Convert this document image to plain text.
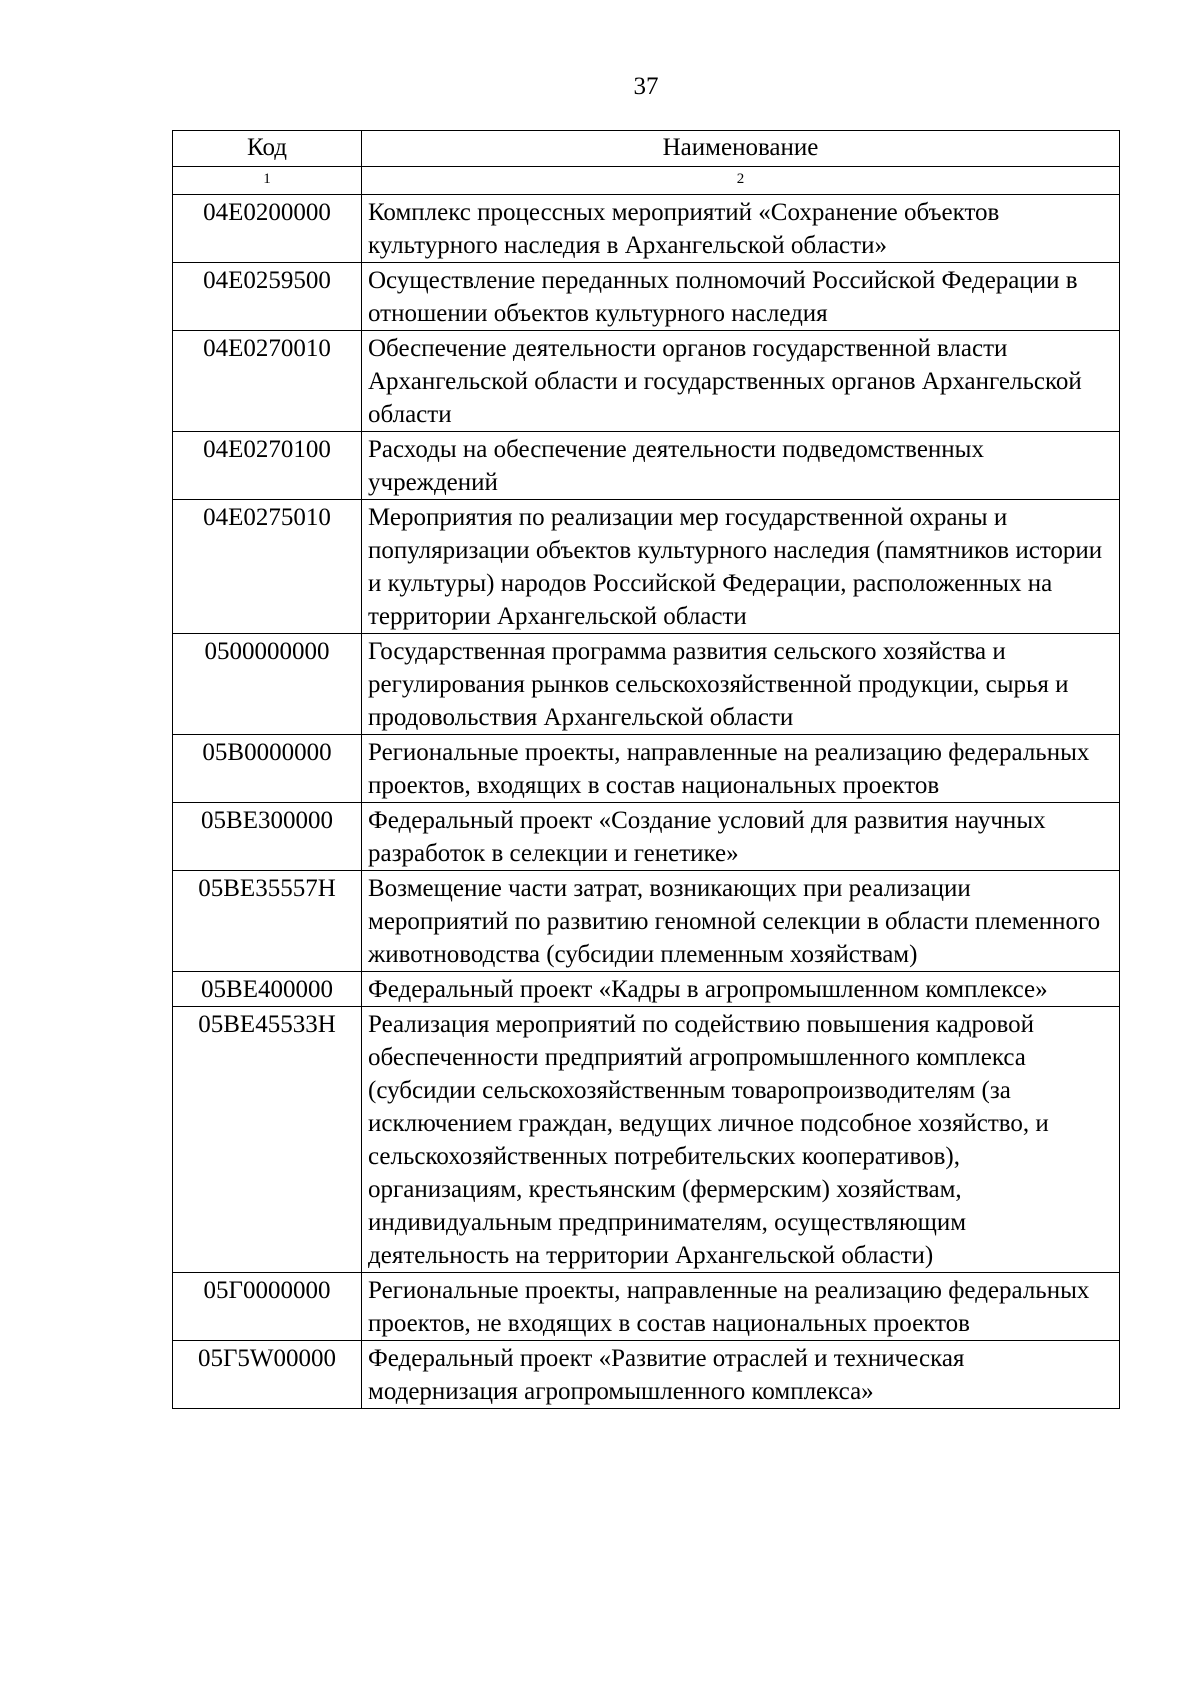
37
Код	Наименование
1	2
04Е0200000	Комплекс процессных мероприятий «Сохранение объектов культурного наследия в Архангельской области»
04Е0259500	Осуществление переданных полномочий Российской Федерации в отношении объектов культурного наследия
04Е0270010	Обеспечение деятельности органов государственной власти Архангельской области и государственных органов Архангельской области
04Е0270100	Расходы на обеспечение деятельности подведомственных учреждений
04Е0275010	Мероприятия по реализации мер государственной охраны и популяризации объектов культурного наследия (памятников истории и культуры) народов Российской Федерации, расположенных на территории Архангельской области
0500000000	Государственная программа развития сельского хозяйства и регулирования рынков сельскохозяйственной продукции, сырья и продовольствия Архангельской области
05В0000000	Региональные проекты, направленные на реализацию федеральных проектов, входящих в состав национальных проектов
05ВЕ300000	Федеральный проект «Создание условий для развития научных разработок в селекции и генетике»
05ВЕ35557Н	Возмещение части затрат, возникающих при реализации мероприятий по развитию геномной селекции в области племенного животноводства (субсидии племенным хозяйствам)
05ВЕ400000	Федеральный проект «Кадры в агропромышленном комплексе»
05ВЕ45533Н	Реализация мероприятий по содействию повышения кадровой обеспеченности предприятий агропромышленного комплекса (субсидии сельскохозяйственным товаропроизводителям (за исключением граждан, ведущих личное подсобное хозяйство, и сельскохозяйственных потребительских кооперативов), организациям, крестьянским (фермерским) хозяйствам, индивидуальным предпринимателям, осуществляющим деятельность на территории Архангельской области)
05Г0000000	Региональные проекты, направленные на реализацию федеральных проектов, не входящих в состав национальных проектов
05Г5W00000	Федеральный проект «Развитие отраслей и техническая модернизация агропромышленного комплекса»
